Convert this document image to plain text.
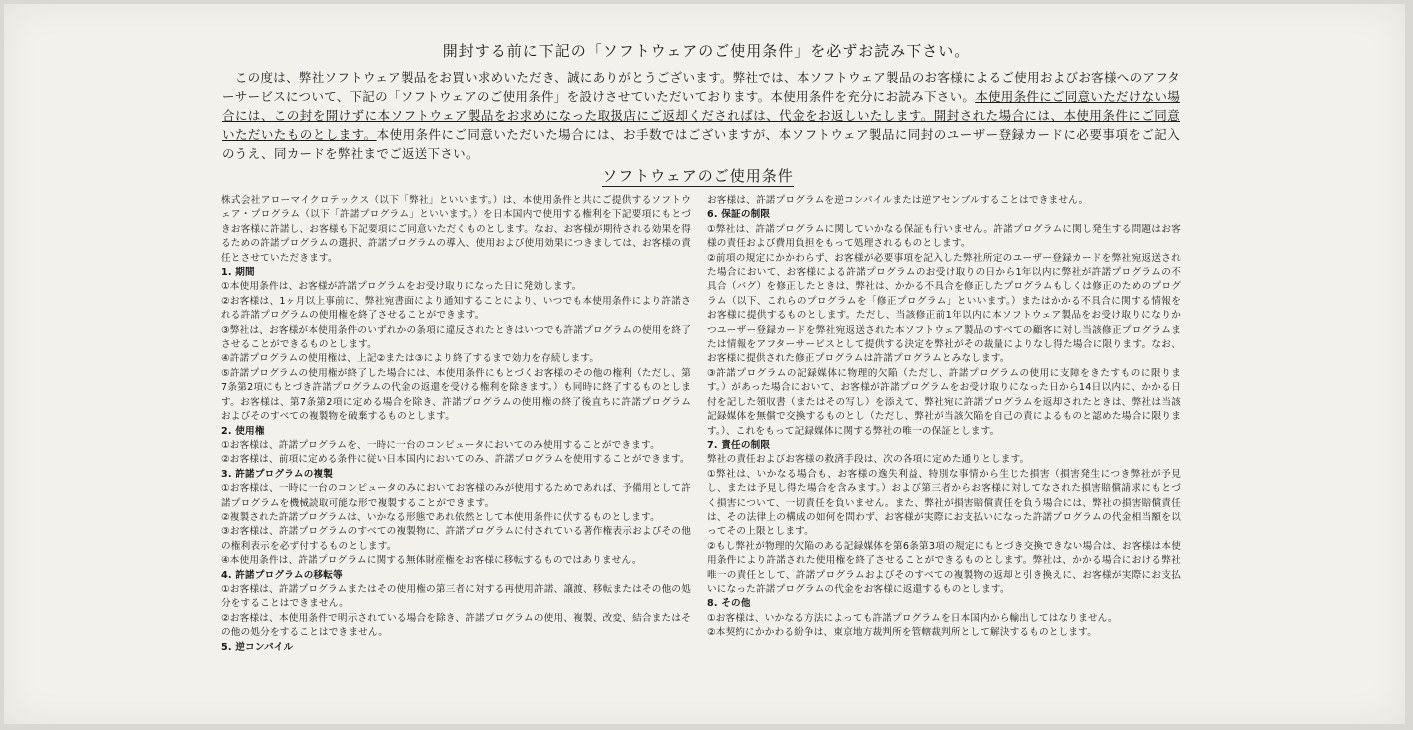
開封する前に下記の「ソフトウェアのご使用条件」を必ずお読み下さい。
　この度は、弊社ソフトウェア製品をお買い求めいただき、誠にありがとうございます。弊社では、本ソフトウェア製品のお客様によるご使用およびお客様へのアフターサービスについて、下記の「ソフトウェアのご使用条件」を設けさせていただいております。本使用条件を充分にお読み下さい。本使用条件にご同意いただけない場合には、この封を開けずに本ソフトウェア製品をお求めになった取扱店にご返却くださればは、代金をお返しいたします。開封された場合には、本使用条件にご同意いただいたものとします。本使用条件にご同意いただいた場合には、お手数ではございますが、本ソフトウェア製品に同封のユーザー登録カードに必要事項をご記入のうえ、同カードを弊社までご返送下さい。
ソフトウェアのご使用条件

株式会社アローマイクロテックス（以下「弊社」といいます。）は、本使用条件と共にご提供するソフトウェア・プログラム（以下「許諾プログラム」といいます。）を日本国内で使用する権利を下記要項にもとづきお客様に許諾し、お客様も下記要項にご同意いただくものとします。なお、お客様が期待される効果を得るための許諾プログラムの選択、許諾プログラムの導入、使用および使用効果につきましては、お客様の責任とさせていただきます。

1. 期間

①本使用条件は、お客様が許諾プログラムをお受け取りになった日に発効します。

②お客様は、1ヶ月以上事前に、弊社宛書面により通知することにより、いつでも本使用条件により許諾される許諾プログラムの使用権を終了させることができます。

③弊社は、お客様が本使用条件のいずれかの条項に違反されたときはいつでも許諾プログラムの使用を終了させることができるものとします。

④許諾プログラムの使用権は、上記②または③により終了するまで効力を存続します。

⑤許諾プログラムの使用権が終了した場合には、本使用条件にもとづくお客様のその他の権利（ただし、第7条第2項にもとづき許諾プログラムの代金の返還を受ける権利を除きます。）も同時に終了するものとします。お客様は、第7条第2項に定める場合を除き、許諾プログラムの使用権の終了後直ちに許諾プログラムおよびそのすべての複製物を破棄するものとします。

2. 使用権

①お客様は、許諾プログラムを、一時に一台のコンピュータにおいてのみ使用することができます。

②お客様は、前項に定める条件に従い日本国内においてのみ、許諾プログラムを使用することができます。

3. 許諾プログラムの複製

①お客様は、一時に一台のコンピュータのみにおいてお客様のみが使用するためであれば、予備用として許諾プログラムを機械読取可能な形で複製することができます。

②複製された許諾プログラムは、いかなる形態であれ依然として本使用条件に伏するものとします。

③お客様は、許諾プログラムのすべての複製物に、許諾プログラムに付されている著作権表示およびその他の権利表示を必ず付するものとします。

④本使用条件は、許諾プログラムに関する無体財産権をお客様に移転するものではありません。

4. 許諾プログラムの移転等

①お客様は、許諾プログラムまたはその使用権の第三者に対する再使用許諾、譲渡、移転またはその他の処分をすることはできません。

②お客様は、本使用条件で明示されている場合を除き、許諾プログラムの使用、複製、改変、結合またはその他の処分をすることはできません。

5. 逆コンパイル

お客様は、許諾プログラムを逆コンパイルまたは逆アセンブルすることはできません。

6. 保証の制限

①弊社は、許諾プログラムに関していかなる保証も行いません。許諾プログラムに関し発生する問題はお客様の責任および費用負担をもって処理されるものとします。

②前項の規定にかかわらず、お客様が必要事項を記入した弊社所定のユーザー登録カードを弊社宛返送された場合において、お客様による許諾プログラムのお受け取りの日から1年以内に弊社が許諾プログラムの不具合（バグ）を修正したときは、弊社は、かかる不具合を修正したプログラムもしくは修正のためのプログラム（以下、これらのプログラムを「修正プログラム」といいます。）またはかかる不具合に関する情報をお客様に提供するものとします。ただし、当該修正前1年以内に本ソフトウェア製品をお受け取りになりかつユーザー登録カードを弊社宛返送された本ソフトウェア製品のすべての顧客に対し当該修正プログラムまたは情報をアフターサービスとして提供する決定を弊社がその裁量によりなし得た場合に限ります。なお、お客様に提供された修正プログラムは許諾プログラムとみなします。

③許諾プログラムの記録媒体に物理的欠陥（ただし、許諾プログラムの使用に支障をきたすものに限ります。）があった場合において、お客様が許諾プログラムをお受け取りになった日から14日以内に、かかる日付を記した領収書（またはその写し）を添えて、弊社宛に許諾プログラムを返却されたときは、弊社は当該記録媒体を無償で交換するものとし（ただし、弊社が当該欠陥を自己の責によるものと認めた場合に限ります。）、これをもって記録媒体に関する弊社の唯一の保証とします。

7. 責任の制限

弊社の責任およびお客様の救済手段は、次の各項に定めた通りとします。

①弊社は、いかなる場合も、お客様の逸失利益、特別な事情から生じた損害（損害発生につき弊社が予見し、または予見し得た場合を含みます。）および第三者からお客様に対してなされた損害賠償請求にもとづく損害について、一切責任を負いません。また、弊社が損害賠償責任を負う場合には、弊社の損害賠償責任は、その法律上の構成の如何を問わず、お客様が実際にお支払いになった許諾プログラムの代金相当額を以ってその上限とします。

②もし弊社が物理的欠陥のある記録媒体を第6条第3項の規定にもとづき交換できない場合は、お客様は本使用条件により許諾された使用権を終了させることができるものとします。弊社は、かかる場合における弊社唯一の責任として、許諾プログラムおよびそのすべての複製物の返却と引き換えに、お客様が実際にお支払いになった許諾プログラムの代金をお客様に返還するものとします。

8. その他

①お客様は、いかなる方法によっても許諾プログラムを日本国内から輸出してはなりません。

②本契約にかかわる紛争は、東京地方裁判所を管轄裁判所として解決するものとします。
